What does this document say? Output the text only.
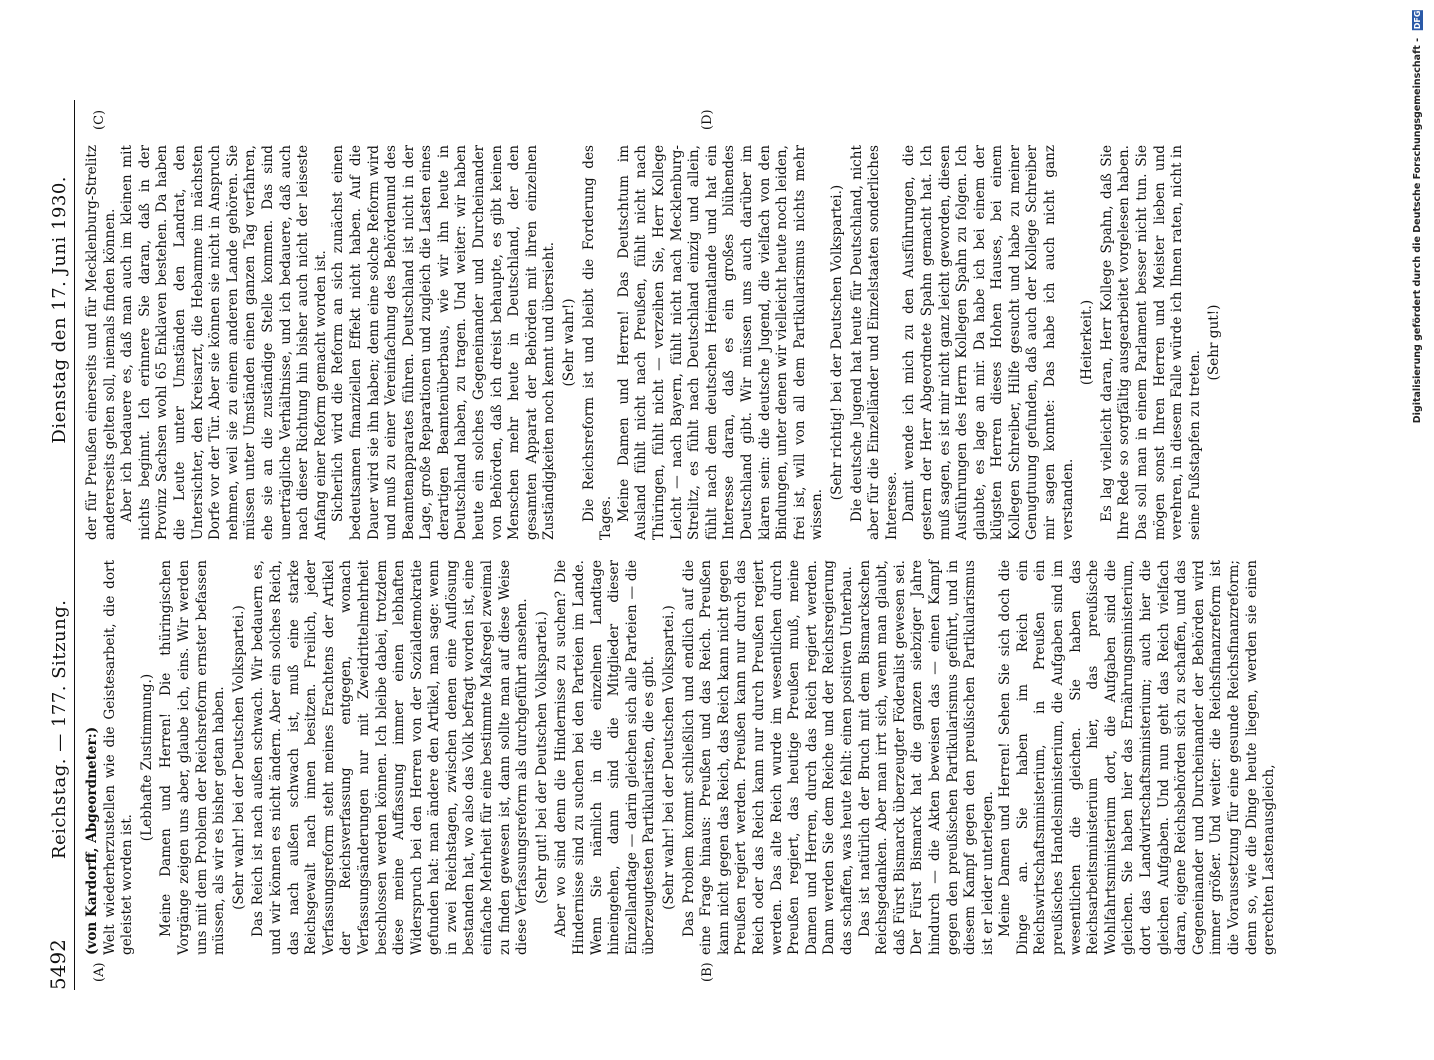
5492
Reichstag. — 177. Sitzung.
Dienstag den 17. Juni 1930.
(A)	(B)
(C)	(D)

(von Kardorff, Abgeordneter:) Welt wiederherzustellen wie die Geistesarbeit, die dort geleistet worden ist.

(Lebhafte Zustimmung.) Meine Damen und Herren! Die thüringischen Vorgänge zeigen uns aber, glaube ich, eins. Wir werden uns mit dem Problem der Reichsreform ernster befassen müssen, als wir es bisher getan haben. (Sehr wahr! bei der Deutschen Volkspartei.) Das Reich ist nach außen schwach. Wir bedauern es, und wir können es nicht ändern. Aber ein solches Reich, das nach außen schwach ist, muß eine starke Reichsgewalt nach innen besitzen. Freilich, jeder Verfassungsreform steht meines Erachtens der Artikel der Reichsverfassung entgegen, wonach Verfassungsänderungen nur mit Zweidrittelmehrheit beschlossen werden können. Ich bleibe dabei, trotzdem diese meine Auffassung immer einen lebhaften Widerspruch bei den Herren von der Sozialdemokratie gefunden hat: man ändere den Artikel, man sage: wenn in zwei Reichstagen, zwischen denen eine Auflösung bestanden hat, wo also das Volk befragt worden ist, eine einfache Mehrheit für eine bestimmte Maßregel zweimal zu finden gewesen ist, dann sollte man auf diese Weise diese Verfassungsreform als durchgeführt ansehen. (Sehr gut! bei der Deutschen Volkspartei.) Aber wo sind denn die Hindernisse zu suchen? Die Hindernisse sind zu suchen bei den Parteien im Lande. Wenn Sie nämlich in die einzelnen Landtage hineingehen, dann sind die Mitglieder dieser Einzellandtage — darin gleichen sich alle Parteien — die überzeugtesten Partikularisten, die es gibt. (Sehr wahr! bei der Deutschen Volkspartei.) Das Problem kommt schließlich und endlich auf die eine Frage hinaus: Preußen und das Reich. Preußen kann nicht gegen das Reich, das Reich kann nicht gegen Preußen regiert werden. Preußen kann nur durch das Reich oder das Reich kann nur durch Preußen regiert werden. Das alte Reich wurde im wesentlichen durch Preußen regiert, das heutige Preußen muß, meine Damen und Herren, durch das Reich regiert werden. Dann werden Sie dem Reiche und der Reichsregierung das schaffen, was heute fehlt: einen positiven Unterbau. Das ist natürlich der Bruch mit dem Bismarckschen Reichsgedanken. Aber man irrt sich, wenn man glaubt, daß Fürst Bismarck überzeugter Föderalist gewesen sei. Der Fürst Bismarck hat die ganzen siebziger Jahre hindurch — die Akten beweisen das — einen Kampf gegen den preußischen Partikularismus geführt, und in diesem Kampf gegen den preußischen Partikularismus ist er leider unterlegen. Meine Damen und Herren! Sehen Sie sich doch die Dinge an. Sie haben im Reich ein Reichswirtschaftsministerium, in Preußen ein preußisches Handelsministerium, die Aufgaben sind im wesentlichen die gleichen. Sie haben das Reichsarbeitsministerium hier, das preußische Wohlfahrtsministerium dort, die Aufgaben sind die gleichen. Sie haben hier das Ernährungsministerium, dort das Landwirtschaftsministerium; auch hier die gleichen Aufgaben. Und nun geht das Reich vielfach daran, eigene Reichsbehörden sich zu schaffen, und das Gegeneinander und Durcheinander der Behörden wird immer größer. Und weiter: die Reichsfinanzreform ist die Voraussetzung für eine gesunde Reichsfinanzreform; denn so, wie die Dinge heute liegen, werden sie einen gerechten Lastenausgleich,

der für Preußen einerseits und für Mecklenburg-Strelitz andererseits gelten soll, niemals finden können. Aber ich bedauere es, daß man auch im kleinen mit nichts beginnt. Ich erinnere Sie daran, daß in der Provinz Sachsen wohl 65 Enklaven bestehen. Da haben die Leute unter Umständen den Landrat, den Untersichter, den Kreisarzt, die Hebamme im nächsten Dorfe vor der Tür. Aber sie können sie nicht in Anspruch nehmen, weil sie zu einem anderen Lande gehören. Sie müssen unter Umständen einen ganzen Tag verfahren, ehe sie an die zuständige Stelle kommen. Das sind unerträgliche Verhältnisse, und ich bedauere, daß auch nach dieser Richtung hin bisher auch nicht der leiseste Anfang einer Reform gemacht worden ist. Sicherlich wird die Reform an sich zunächst einen bedeutsamen finanziellen Effekt nicht haben. Auf die Dauer wird sie ihn haben; denn eine solche Reform wird und muß zu einer Vereinfachung des Behördenund des Beamtenapparates führen. Deutschland ist nicht in der Lage, große Reparationen und zugleich die Lasten eines derartigen Beamtenüberbaus, wie wir ihn heute in Deutschland haben, zu tragen. Und weiter: wir haben heute ein solches Gegeneinander und Durcheinander von Behörden, daß ich dreist behaupte, es gibt keinen Menschen mehr heute in Deutschland, der den gesamten Apparat der Behörden mit ihren einzelnen Zuständigkeiten noch kennt und übersieht. (Sehr wahr!) Die Reichsreform ist und bleibt die Forderung des Tages. Meine Damen und Herren! Das Deutschtum im Ausland fühlt nicht nach Preußen, fühlt nicht nach Thüringen, fühlt nicht — verzeihen Sie, Herr Kollege Leicht — nach Bayern, fühlt nicht nach Mecklenburg-Strelitz, es fühlt nach Deutschland einzig und allein, fühlt nach dem deutschen Heimatlande und hat ein Interesse daran, daß es ein großes blühendes Deutschland gibt. Wir müssen uns auch darüber im klaren sein: die deutsche Jugend, die vielfach von den Bindungen, unter denen wir vielleicht heute noch leiden, frei ist, will von all dem Partikularismus nichts mehr wissen.

(Sehr richtig! bei der Deutschen Volkspartei.) Die deutsche Jugend hat heute für Deutschland, nicht aber für die Einzelländer und Einzelstaaten sonderliches Interesse. Damit wende ich mich zu den Ausführungen, die gestern der Herr Abgeordnete Spahn gemacht hat. Ich muß sagen, es ist mir nicht ganz leicht geworden, diesen Ausführungen des Herrn Kollegen Spahn zu folgen. Ich glaubte, es lage an mir. Da habe ich bei einem der klügsten Herren dieses Hohen Hauses, bei einem Kollegen Schreiber, Hilfe gesucht und habe zu meiner Genugtuung gefunden, daß auch der Kollege Schreiber mir sagen konnte: Das habe ich auch nicht ganz verstanden.

(Heiterkeit.) Es lag vielleicht daran, Herr Kollege Spahn, daß Sie Ihre Rede so sorgfältig ausgearbeitet vorgelesen haben. Das soll man in einem Parlament besser nicht tun. Sie mögen sonst Ihren Herren und Meister lieben und verehren, in diesem Falle würde ich Ihnen raten, nicht in seine Fußstapfen zu treten.

(Sehr gut!)	Digitalisierung gefördert durch die Deutsche Forschungsgemeinschaft - DFG
